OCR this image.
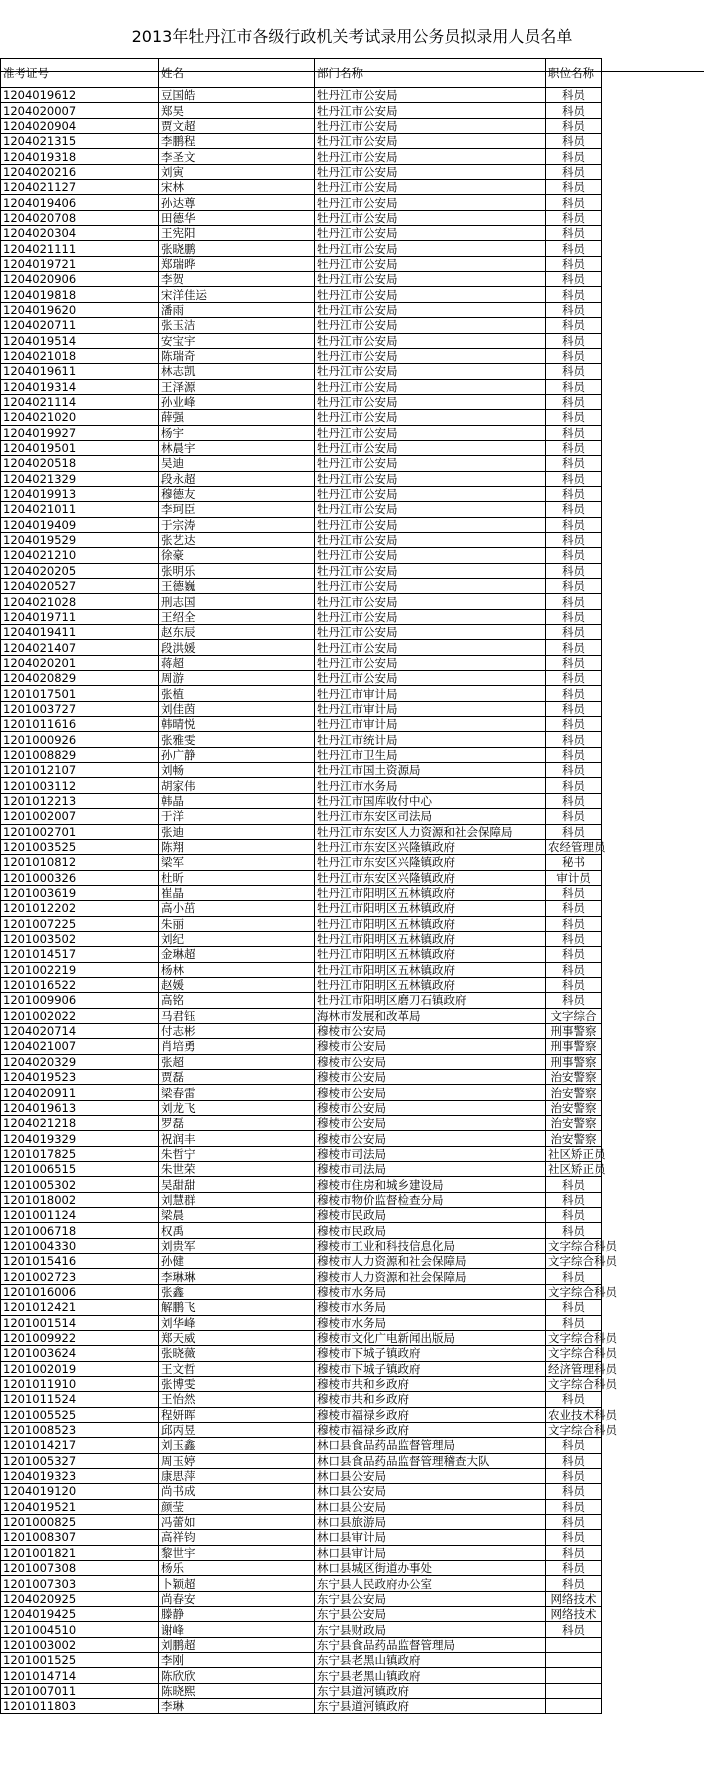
2013年牡丹江市各级行政机关考试录用公务员拟录用人员名单
准考证号	姓名	部门名称	职位名称
1204019612	豆国皓	牡丹江市公安局	科员
1204020007	郑昊	牡丹江市公安局	科员
1204020904	贾文超	牡丹江市公安局	科员
1204021315	李鹏程	牡丹江市公安局	科员
1204019318	李圣文	牡丹江市公安局	科员
1204020216	刘寅	牡丹江市公安局	科员
1204021127	宋林	牡丹江市公安局	科员
1204019406	孙达尊	牡丹江市公安局	科员
1204020708	田德华	牡丹江市公安局	科员
1204020304	王宪阳	牡丹江市公安局	科员
1204021111	张晓鹏	牡丹江市公安局	科员
1204019721	郑瑞晔	牡丹江市公安局	科员
1204020906	李贺	牡丹江市公安局	科员
1204019818	宋洋佳运	牡丹江市公安局	科员
1204019620	潘雨	牡丹江市公安局	科员
1204020711	张玉洁	牡丹江市公安局	科员
1204019514	安宝宇	牡丹江市公安局	科员
1204021018	陈瑞奇	牡丹江市公安局	科员
1204019611	林志凯	牡丹江市公安局	科员
1204019314	王泽源	牡丹江市公安局	科员
1204021114	孙业峰	牡丹江市公安局	科员
1204021020	薛强	牡丹江市公安局	科员
1204019927	杨宇	牡丹江市公安局	科员
1204019501	林晨宇	牡丹江市公安局	科员
1204020518	吴迪	牡丹江市公安局	科员
1204021329	段永超	牡丹江市公安局	科员
1204019913	穆德友	牡丹江市公安局	科员
1204021011	李珂臣	牡丹江市公安局	科员
1204019409	于宗涛	牡丹江市公安局	科员
1204019529	张艺达	牡丹江市公安局	科员
1204021210	徐豪	牡丹江市公安局	科员
1204020205	张明乐	牡丹江市公安局	科员
1204020527	王德巍	牡丹江市公安局	科员
1204021028	刑志国	牡丹江市公安局	科员
1204019711	王绍全	牡丹江市公安局	科员
1204019411	赵东辰	牡丹江市公安局	科员
1204021407	段洪媛	牡丹江市公安局	科员
1204020201	蒋超	牡丹江市公安局	科员
1204020829	周游	牡丹江市公安局	科员
1201017501	张植	牡丹江市审计局	科员
1201003727	刘佳茵	牡丹江市审计局	科员
1201011616	韩晴悦	牡丹江市审计局	科员
1201000926	张雅雯	牡丹江市统计局	科员
1201008829	孙广静	牡丹江市卫生局	科员
1201012107	刘畅	牡丹江市国土资源局	科员
1201003112	胡家伟	牡丹江市水务局	科员
1201012213	韩晶	牡丹江市国库收付中心	科员
1201002007	于洋	牡丹江市东安区司法局	科员
1201002701	张迪	牡丹江市东安区人力资源和社会保障局	科员
1201003525	陈翔	牡丹江市东安区兴隆镇政府	农经管理员
1201010812	梁军	牡丹江市东安区兴隆镇政府	秘书
1201000326	杜昕	牡丹江市东安区兴隆镇政府	审计员
1201003619	崔晶	牡丹江市阳明区五林镇政府	科员
1201012202	高小茁	牡丹江市阳明区五林镇政府	科员
1201007225	朱丽	牡丹江市阳明区五林镇政府	科员
1201003502	刘纪	牡丹江市阳明区五林镇政府	科员
1201014517	金琳超	牡丹江市阳明区五林镇政府	科员
1201002219	杨林	牡丹江市阳明区五林镇政府	科员
1201016522	赵媛	牡丹江市阳明区五林镇政府	科员
1201009906	高铭	牡丹江市阳明区磨刀石镇政府	科员
1201002022	马君钰	海林市发展和改革局	文字综合
1204020714	付志彬	穆棱市公安局	刑事警察
1204021007	肖培勇	穆棱市公安局	刑事警察
1204020329	张超	穆棱市公安局	刑事警察
1204019523	贾磊	穆棱市公安局	治安警察
1204020911	梁春雷	穆棱市公安局	治安警察
1204019613	刘龙飞	穆棱市公安局	治安警察
1204021218	罗磊	穆棱市公安局	治安警察
1204019329	祝润丰	穆棱市公安局	治安警察
1201017825	朱哲宁	穆棱市司法局	社区矫正员
1201006515	朱世荣	穆棱市司法局	社区矫正员
1201005302	吴甜甜	穆棱市住房和城乡建设局	科员
1201018002	刘慧群	穆棱市物价监督检查分局	科员
1201001124	梁晨	穆棱市民政局	科员
1201006718	权禹	穆棱市民政局	科员
1201004330	刘贵军	穆棱市工业和科技信息化局	文字综合科员
1201015416	孙健	穆棱市人力资源和社会保障局	文字综合科员
1201002723	李琳琳	穆棱市人力资源和社会保障局	科员
1201016006	张鑫	穆棱市水务局	文字综合科员
1201012421	解鹏飞	穆棱市水务局	科员
1201001514	刘华峰	穆棱市水务局	科员
1201009922	郑天威	穆棱市文化广电新闻出版局	文字综合科员
1201003624	张晓薇	穆棱市下城子镇政府	文字综合科员
1201002019	王文哲	穆棱市下城子镇政府	经济管理科员
1201011910	张博雯	穆棱市共和乡政府	文字综合科员
1201011524	王怡然	穆棱市共和乡政府	科员
1201005525	程妍晖	穆棱市福禄乡政府	农业技术科员
1201008523	邱丙昱	穆棱市福禄乡政府	文字综合科员
1201014217	刘玉鑫	林口县食品药品监督管理局	科员
1201005327	周玉婷	林口县食品药品监督管理稽查大队	科员
1204019323	康思萍	林口县公安局	科员
1204019120	尚书成	林口县公安局	科员
1204019521	颜莹	林口县公安局	科员
1201000825	冯蕾如	林口县旅游局	科员
1201008307	高祥钧	林口县审计局	科员
1201001821	黎世宇	林口县审计局	科员
1201007308	杨乐	林口县城区街道办事处	科员
1201007303	卜颖超	东宁县人民政府办公室	科员
1204020925	尚春安	东宁县公安局	网络技术
1204019425	滕静	东宁县公安局	网络技术
1201004510	谢峰	东宁县财政局	科员
1201003002	刘鹏超	东宁县食品药品监督管理局	
1201001525	李刚	东宁县老黑山镇政府	
1201014714	陈欣欣	东宁县老黑山镇政府	
1201007011	陈晓熙	东宁县道河镇政府	
1201011803	李琳	东宁县道河镇政府	
